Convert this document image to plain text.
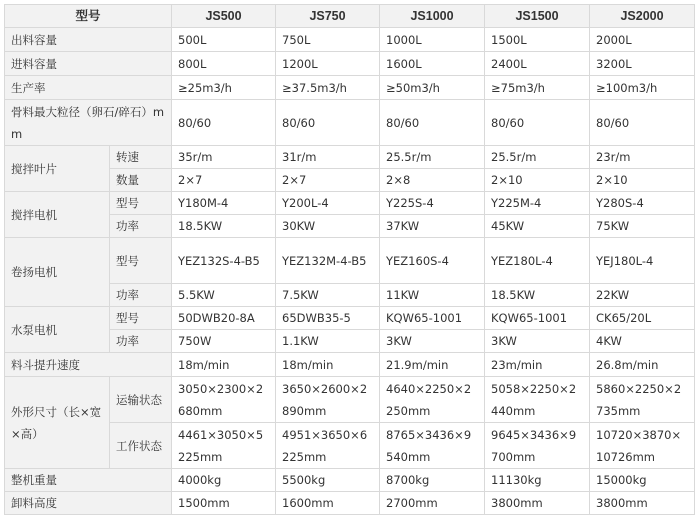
型号		JS500	JS750	JS1000	JS1500	JS2000
出料容量		500L	750L	1000L	1500L	2000L
进料容量		800L	1200L	1600L	2400L	3200L
生产率		≥25m3/h	≥37.5m3/h	≥50m3/h	≥75m3/h	≥100m3/h
骨料最大粒径（卵石/碎石）mm		80/60	80/60	80/60	80/60	80/60
搅拌叶片	转速	35r/m	31r/m	25.5r/m	25.5r/m	23r/m
	数量	2×7	2×7	2×8	2×10	2×10
搅拌电机	型号	Y180M-4	Y200L-4	Y225S-4	Y225M-4	Y280S-4
	功率	18.5KW	30KW	37KW	45KW	75KW
卷扬电机	型号	YEZ132S-4-B5	YEZ132M-4-B5	YEZ160S-4	YEZ180L-4	YEJ180L-4
	功率	5.5KW	7.5KW	11KW	18.5KW	22KW
水泵电机	型号	50DWB20-8A	65DWB35-5	KQW65-1001	KQW65-1001	CK65/20L
	功率	750W	1.1KW	3KW	3KW	4KW
料斗提升速度		18m/min	18m/min	21.9m/min	23m/min	26.8m/min
外形尺寸（长×宽×高）	运输状态	3050×2300×2680mm	3650×2600×2890mm	4640×2250×2250mm	5058×2250×2440mm	5860×2250×2735mm
	工作状态	4461×3050×5225mm	4951×3650×6225mm	8765×3436×9540mm	9645×3436×9700mm	10720×3870×10726mm
整机重量		4000kg	5500kg	8700kg	11130kg	15000kg
卸料高度		1500mm	1600mm	2700mm	3800mm	3800mm
